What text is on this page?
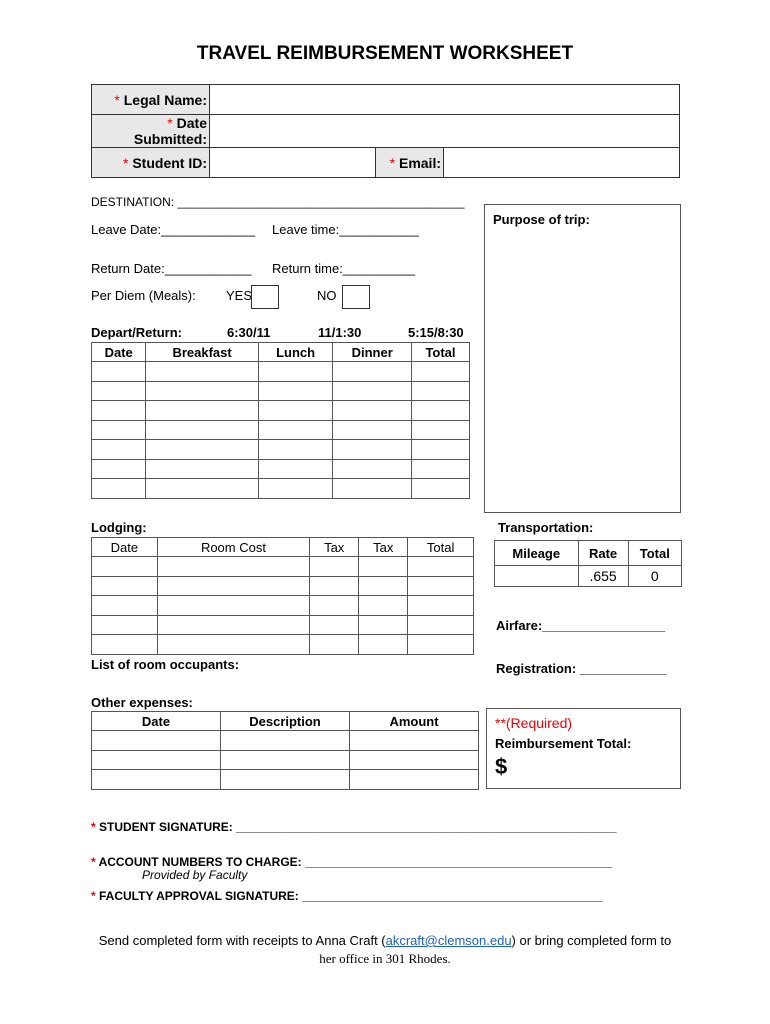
TRAVEL REIMBURSEMENT WORKSHEET
* Legal Name:			
* Date Submitted:			
* Student ID:		* Email:	
DESTINATION: ___________________________________________
Leave Date:_____________ Leave time:___________
Return Date:____________ Return time:__________
Per Diem (Meals): YES	NO
Purpose of trip:
Depart/Return:	6:30/11	11/1:30	5:15/8:30
Date	Breakfast	Lunch	Dinner	Total

Lodging:
Date	Room Cost	Tax	Tax	Total

List of room occupants:
Transportation:
Mileage	Rate	Total
	.655	0
Airfare:_________________
Registration: ____________
Other expenses:
Date	Description	Amount

			**(Required)
Reimbursement Total:
$
* STUDENT SIGNATURE: _________________________________________________________
* ACCOUNT NUMBERS TO CHARGE: ______________________________________________
Provided by Faculty
* FACULTY APPROVAL SIGNATURE: _____________________________________________
Send completed form with receipts to Anna Craft (akcraft@clemson.edu) or bring completed form to
her office in 301 Rhodes.
